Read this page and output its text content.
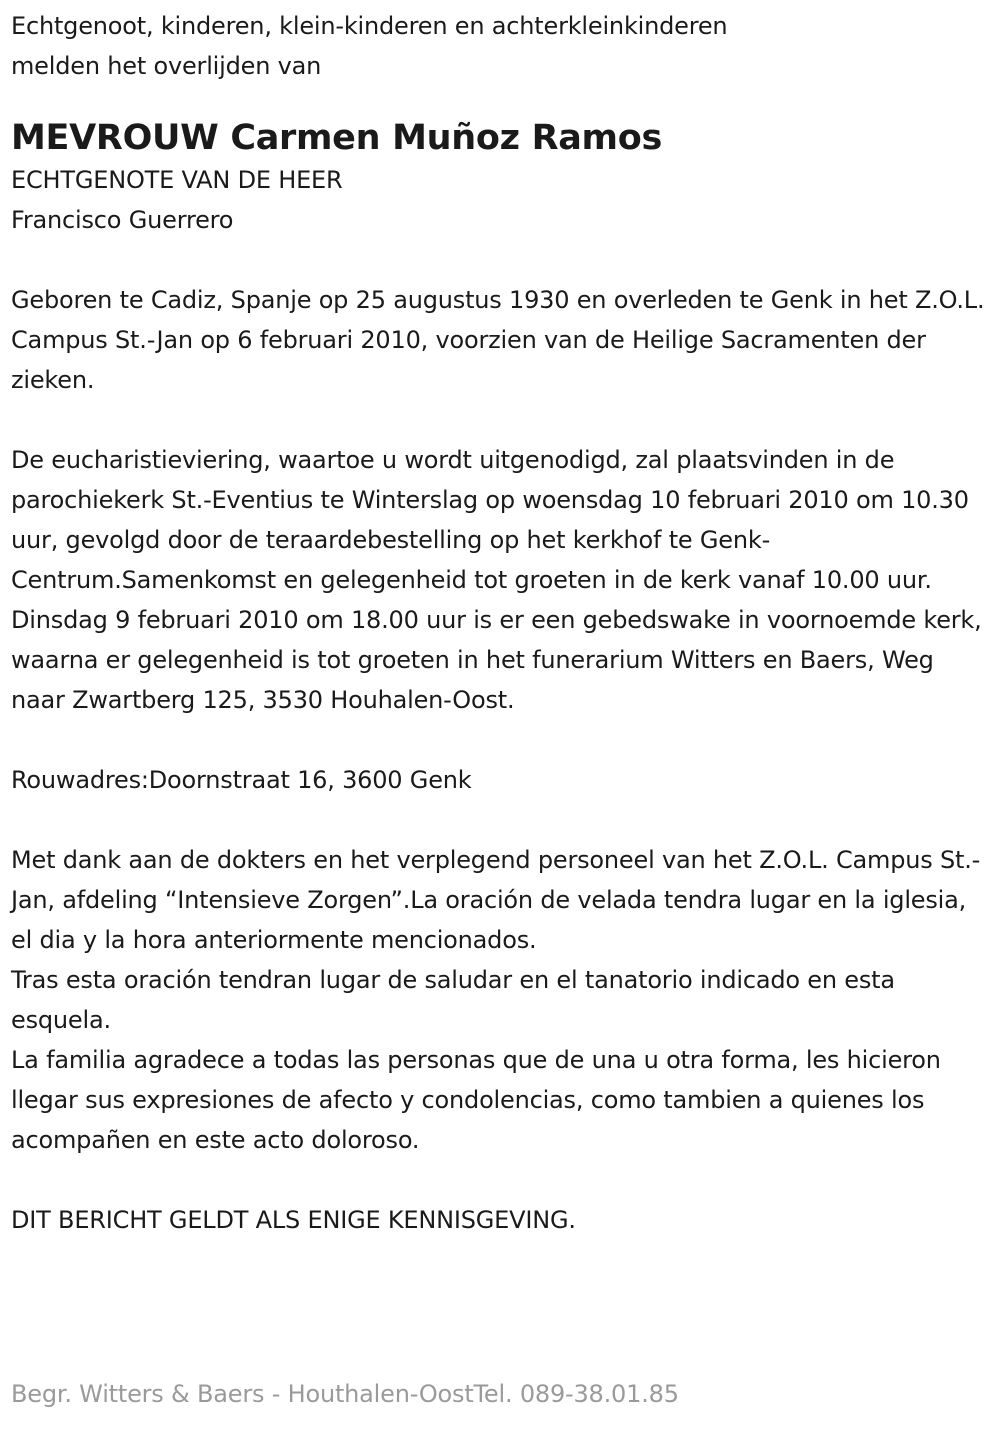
Echtgenoot, kinderen, klein-kinderen en achterkleinkinderen

melden het overlijden van

MEVROUW Carmen Muñoz Ramos

ECHTGENOTE VAN DE HEER

Francisco Guerrero

Geboren te Cadiz, Spanje op 25 augustus 1930 en overleden te Genk in het Z.O.L. Campus St.-Jan op 6 februari 2010, voorzien van de Heilige Sacramenten der zieken.

De eucharistieviering, waartoe u wordt uitgenodigd, zal plaatsvinden in de parochiekerk St.-Eventius te Winterslag op woensdag 10 februari 2010 om 10.30 uur, gevolgd door de teraardebestelling op het kerkhof te Genk-Centrum.Samenkomst en gelegenheid tot groeten in de kerk vanaf 10.00 uur.

Dinsdag 9 februari 2010 om 18.00 uur is er een gebedswake in voornoemde kerk, waarna er gelegenheid is tot groeten in het funerarium Witters en Baers, Weg naar Zwartberg 125, 3530 Houhalen-Oost.

Rouwadres:Doornstraat 16, 3600 Genk

Met dank aan de dokters en het verplegend personeel van het Z.O.L. Campus St.-Jan, afdeling “Intensieve Zorgen”.La oración de velada tendra lugar en la iglesia, el dia y la hora anteriormente mencionados.

Tras esta oración tendran lugar de saludar en el tanatorio indicado en esta esquela.

La familia agradece a todas las personas que de una u otra forma, les hicieron llegar sus expresiones de afecto y condolencias, como tambien a quienes los acompañen en este acto doloroso.

DIT BERICHT GELDT ALS ENIGE KENNISGEVING.

Begr. Witters & Baers - Houthalen-OostTel. 089-38.01.85
